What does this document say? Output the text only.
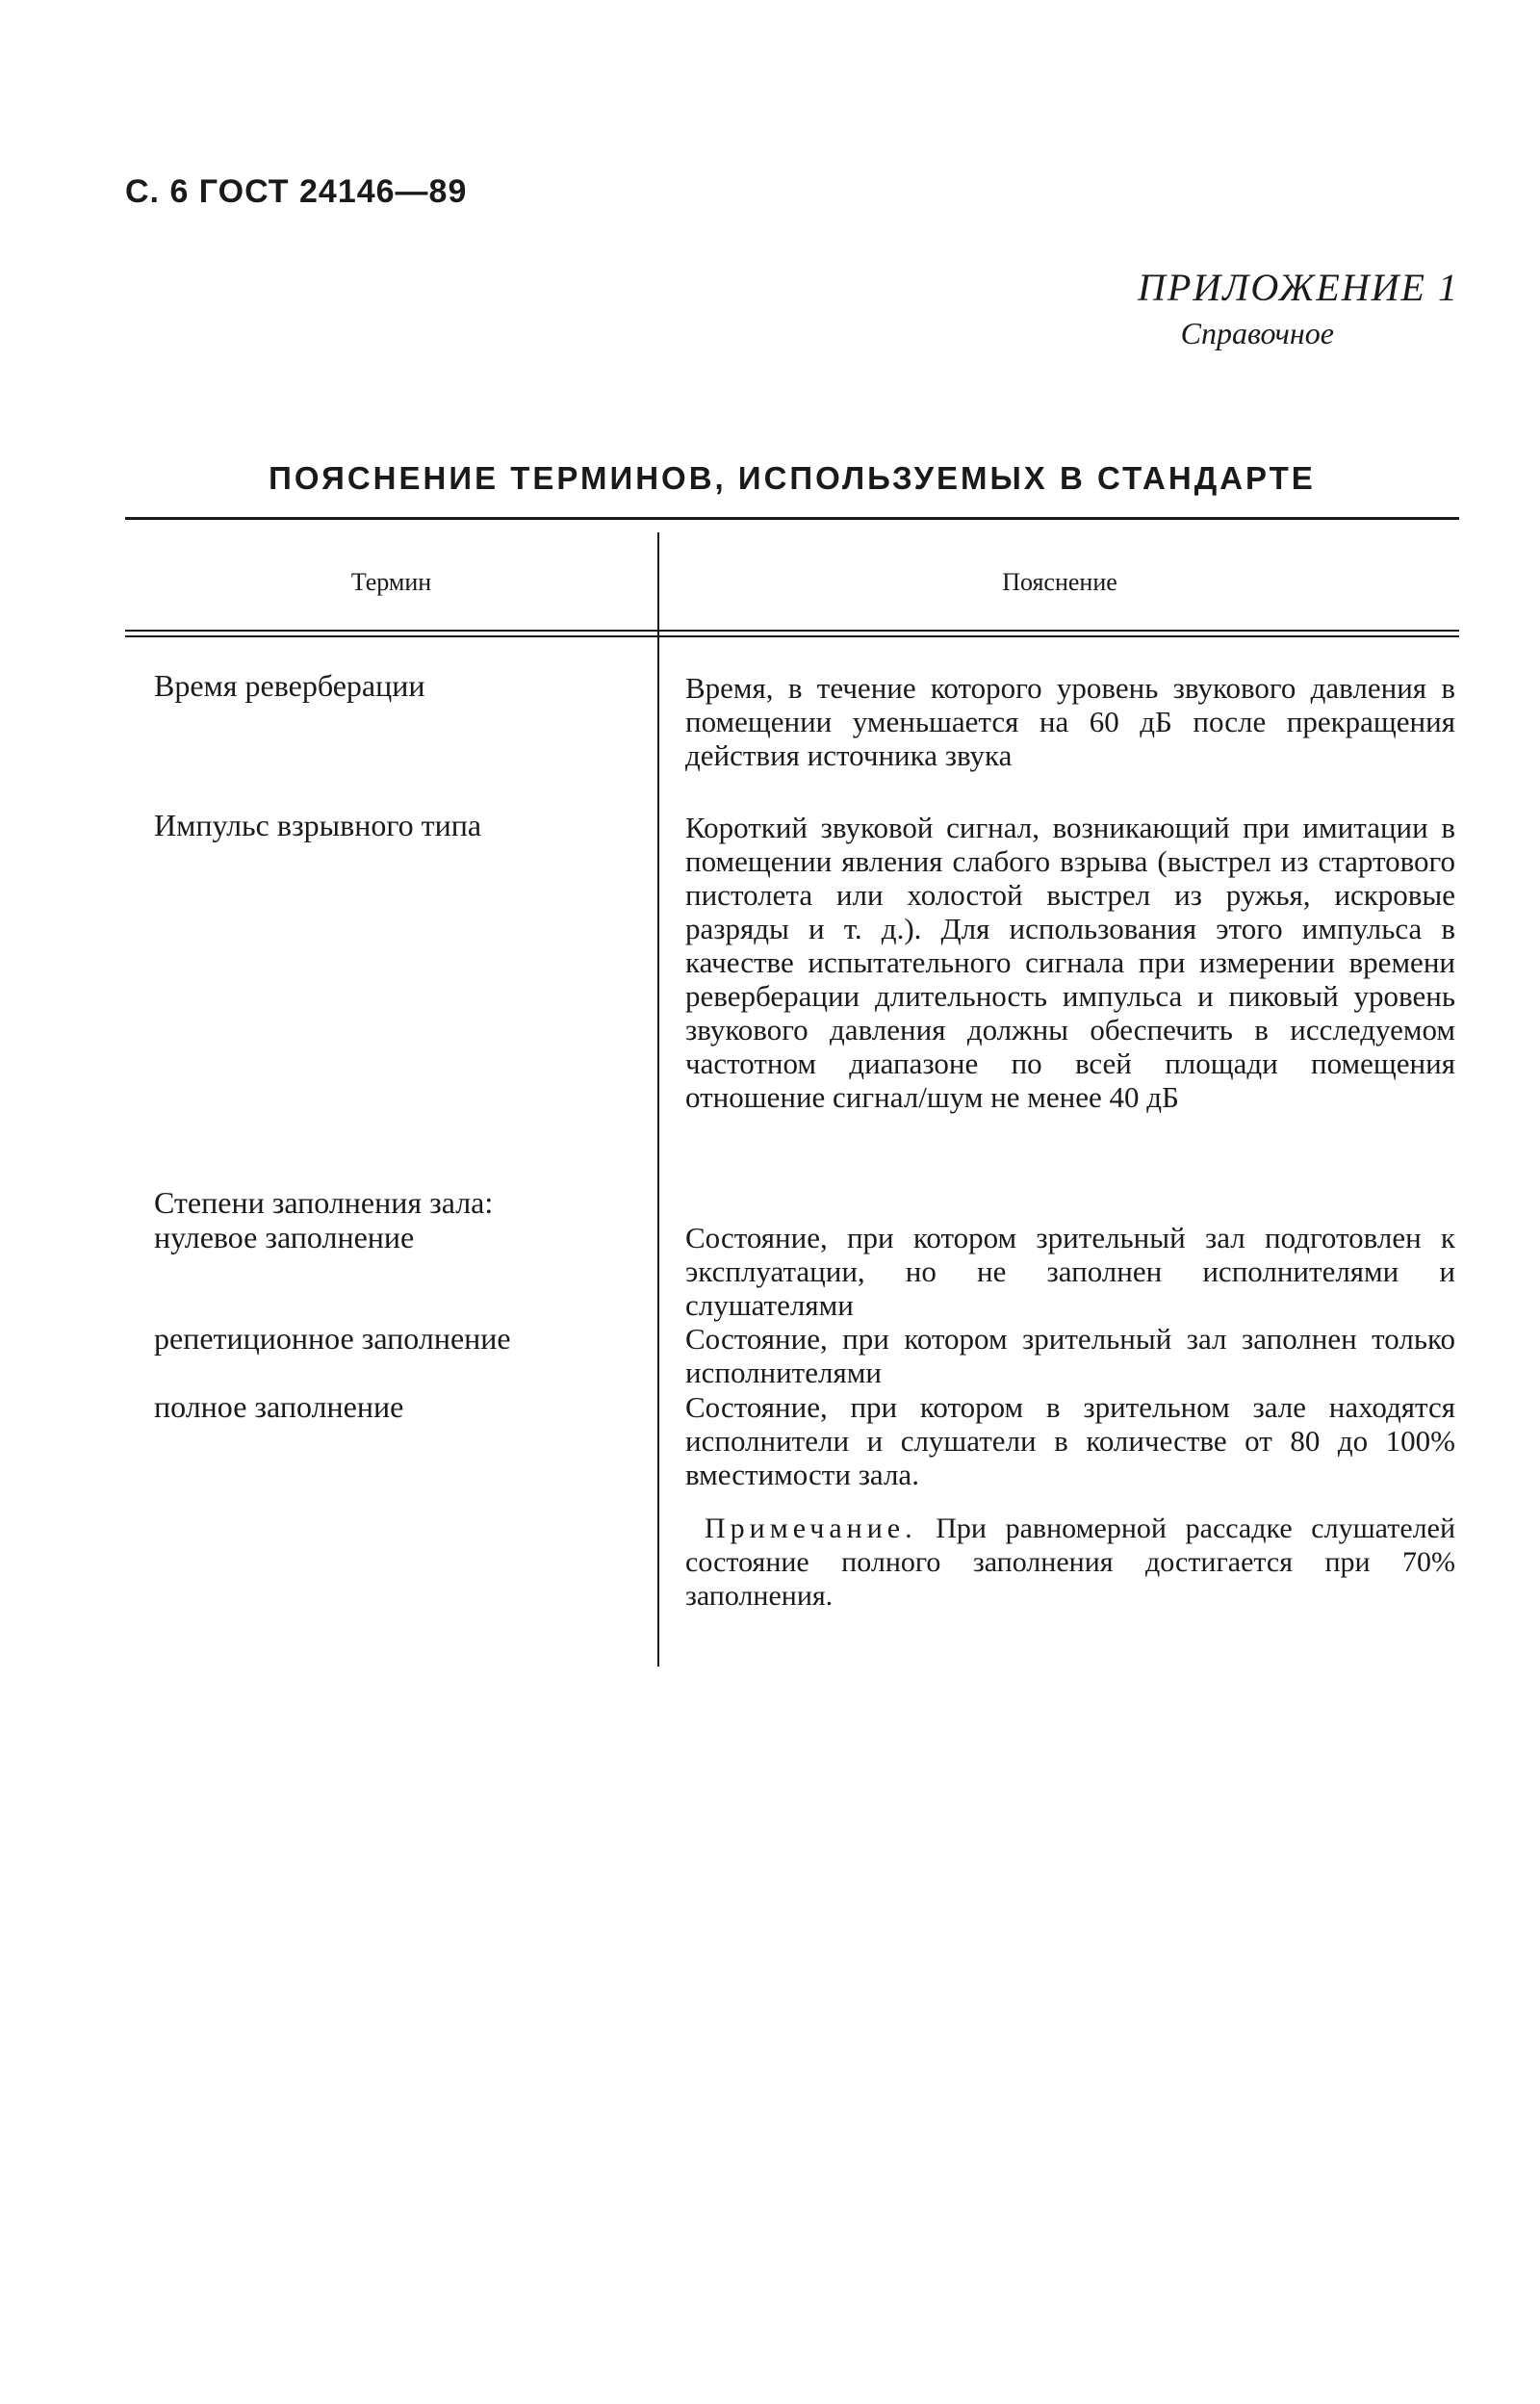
С. 6 ГОСТ 24146—89
ПРИЛОЖЕНИЕ 1
Справочное
ПОЯСНЕНИЕ ТЕРМИНОВ, ИСПОЛЬЗУЕМЫХ В СТАНДАРТЕ
Термин	Пояснение
Время реверберации	Время, в течение которого уровень звукового давления в помещении уменьшается на 60 дБ после прекращения действия источника звука
Импульс взрывного типа	Короткий звуковой сигнал, возникающий при имитации в помещении явления слабого взрыва (выстрел из стартового пистолета или холостой выстрел из ружья, искровые разряды и т. д.). Для использования этого импульса в качестве испытательного сигнала при измерении времени реверберации длительность импульса и пиковый уровень звукового давления должны обеспечить в исследуемом частотном диапазоне по всей площади помещения отношение сигнал/шум не менее 40 дБ
Степени заполнения зала:
нулевое заполнение	Состояние, при котором зрительный зал подготовлен к эксплуатации, но не заполнен исполнителями и слушателями
репетиционное заполнение	Состояние, при котором зрительный зал заполнен только исполнителями
полное заполнение	Состояние, при котором в зрительном зале находятся исполнители и слушатели в количестве от 80 до 100% вместимости зала.
Примечание. При равномерной рассадке слушателей состояние полного заполнения достигается при 70% заполнения.
